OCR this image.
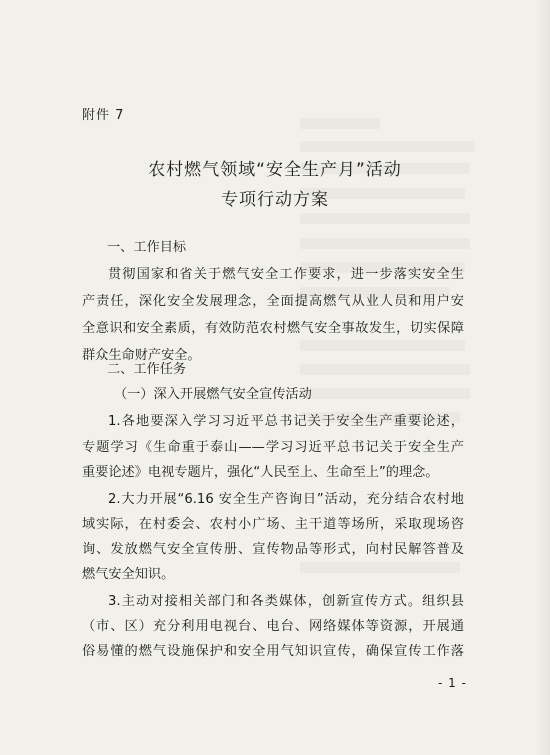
附件 7
农村燃气领域“安全生产月”活动
专项行动方案
一、工作目标
贯彻国家和省关于燃气安全工作要求，进一步落实安全生
产责任，深化安全发展理念，全面提高燃气从业人员和用户安
全意识和安全素质，有效防范农村燃气安全事故发生，切实保障
群众生命财产安全。
二、工作任务
（一）深入开展燃气安全宣传活动
1.各地要深入学习习近平总书记关于安全生产重要论述，
专题学习《生命重于泰山——学习习近平总书记关于安全生产
重要论述》电视专题片，强化“人民至上、生命至上”的理念。
2.大力开展“6.16 安全生产咨询日”活动，充分结合农村地
域实际，在村委会、农村小广场、主干道等场所，采取现场咨
询、发放燃气安全宣传册、宣传物品等形式，向村民解答普及
燃气安全知识。
3.主动对接相关部门和各类媒体，创新宣传方式。组织县
（市、区）充分利用电视台、电台、网络媒体等资源，开展通
俗易懂的燃气设施保护和安全用气知识宣传，确保宣传工作落
- 1 -
